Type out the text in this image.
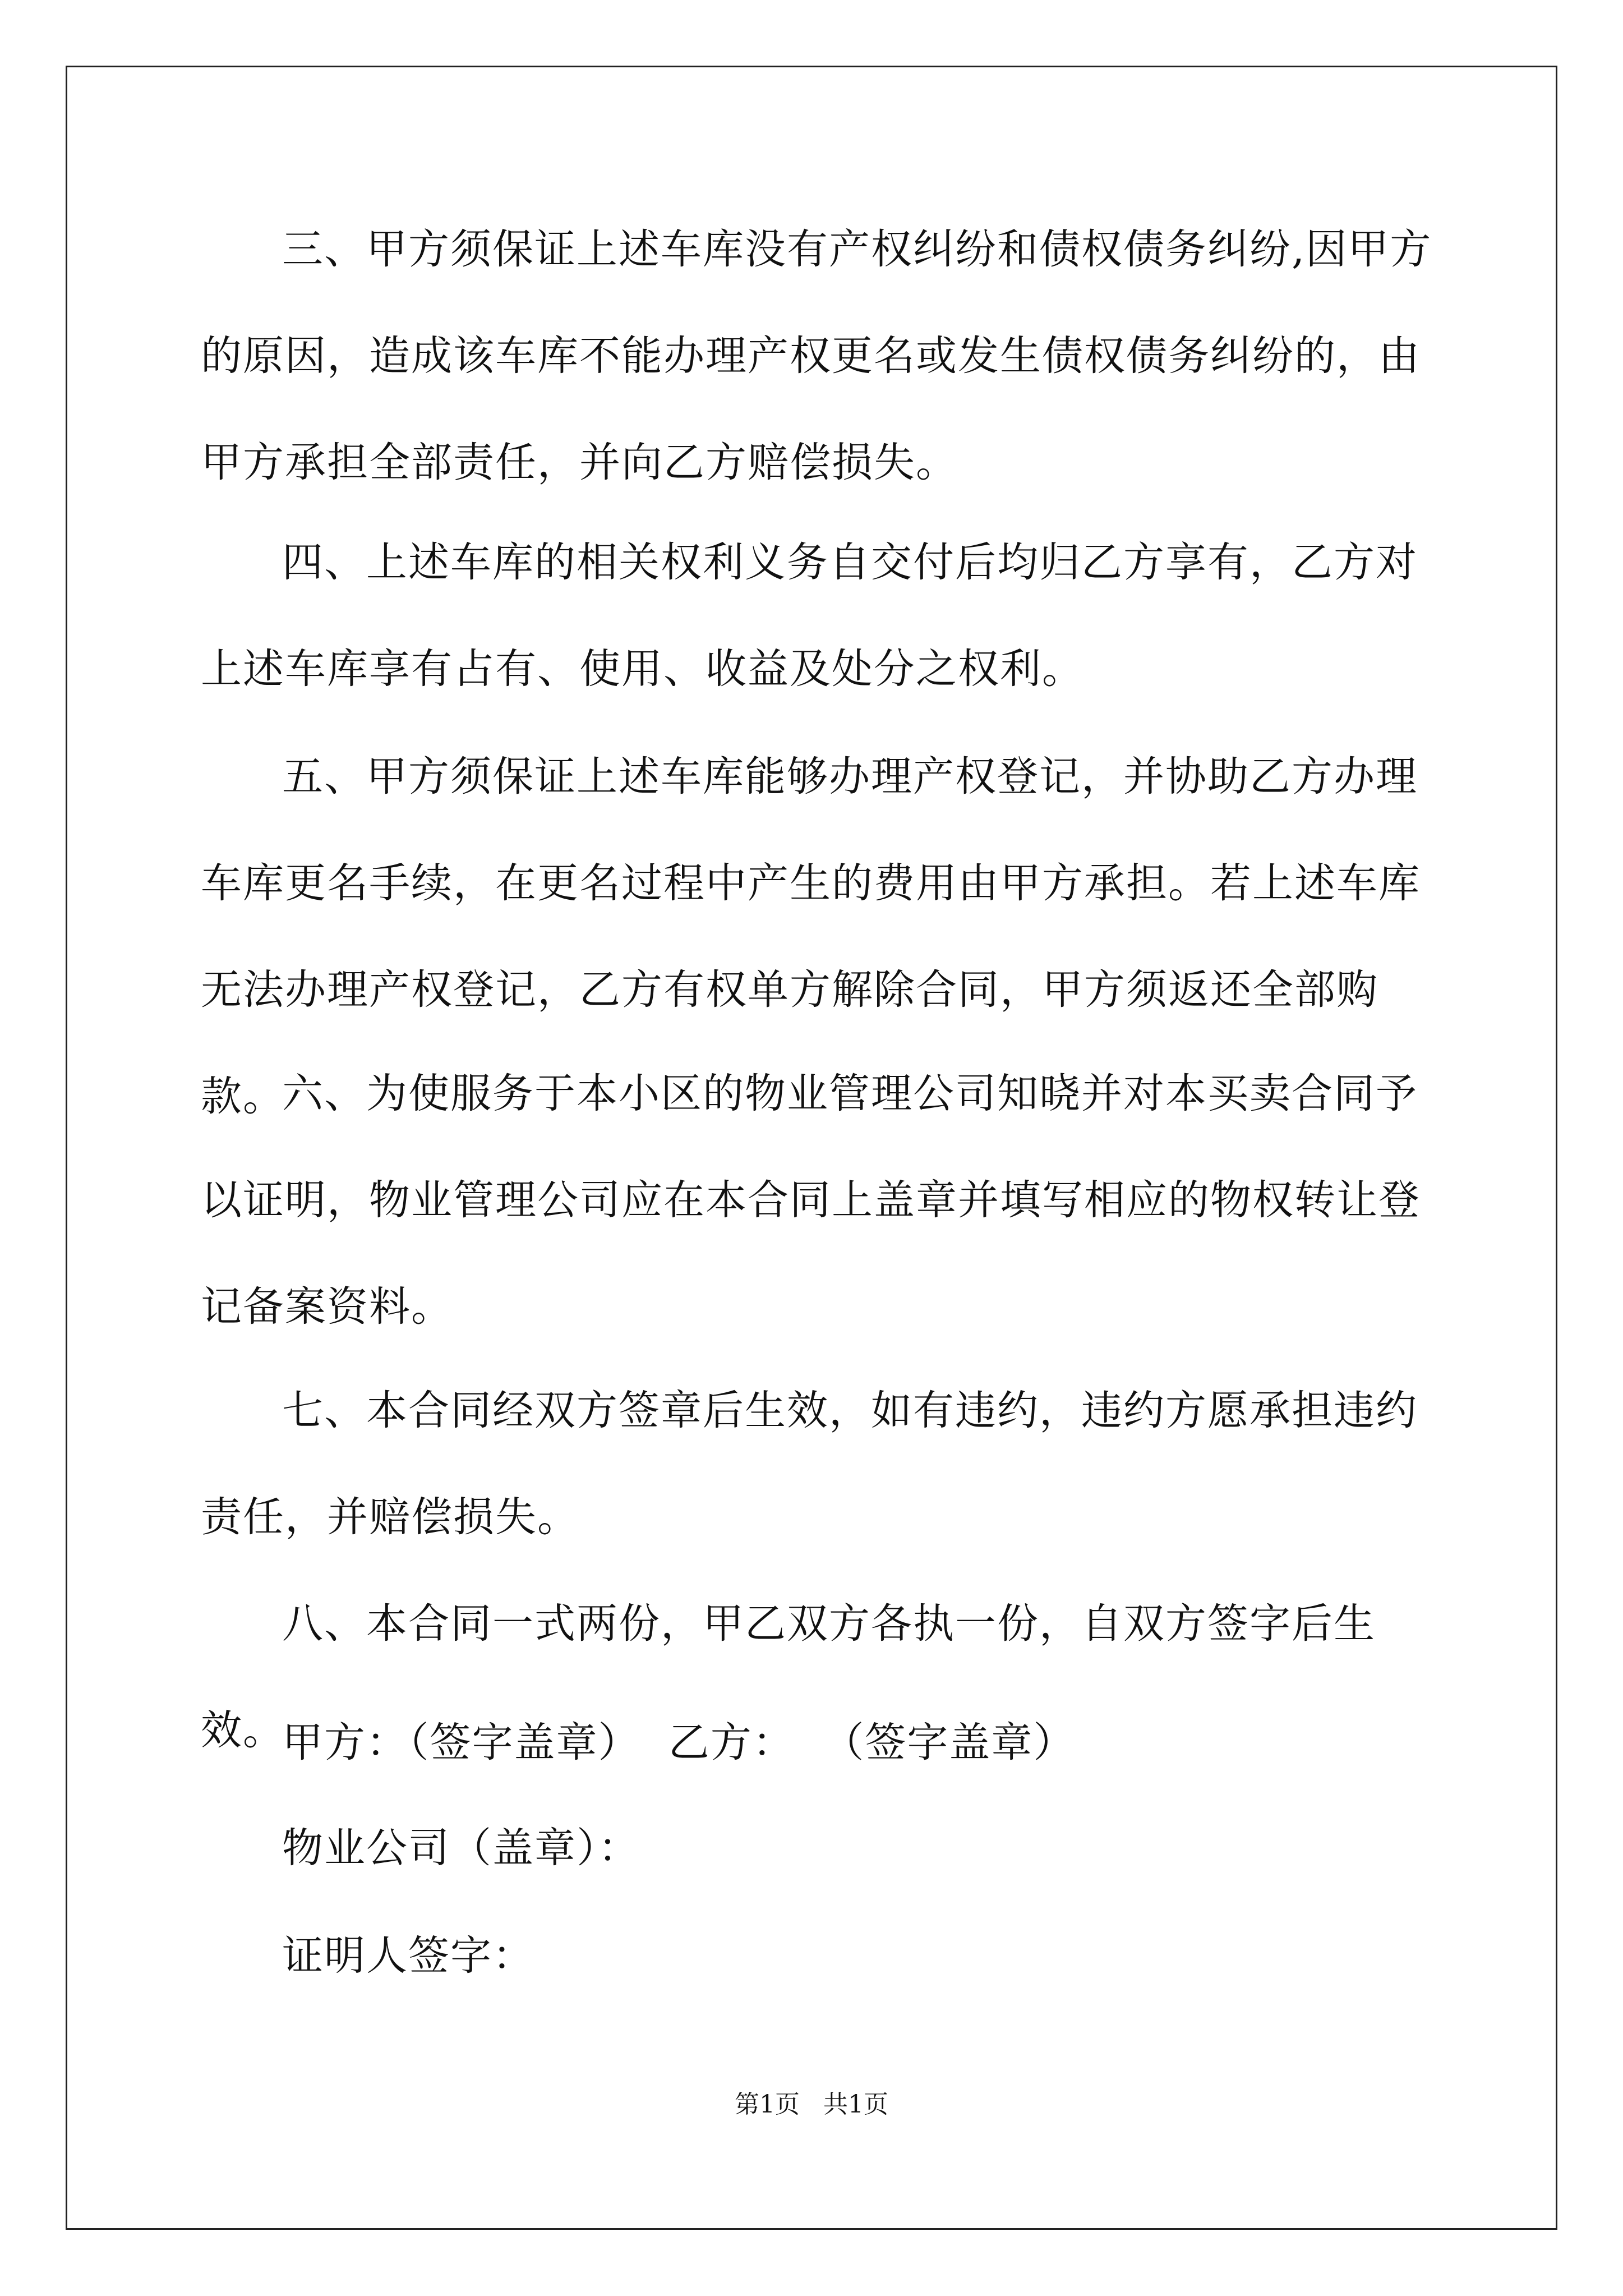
三、甲方须保证上述车库没有产权纠纷和债权债务纠纷,因甲方的原因，造成该车库不能办理产权更名或发生债权债务纠纷的，由甲方承担全部责任，并向乙方赔偿损失。

四、上述车库的相关权利义务自交付后均归乙方享有，乙方对上述车库享有占有、使用、收益及处分之权利。

五、甲方须保证上述车库能够办理产权登记，并协助乙方办理车库更名手续，在更名过程中产生的费用由甲方承担。若上述车库无法办理产权登记，乙方有权单方解除合同，甲方须返还全部购款。

六、为使服务于本小区的物业管理公司知晓并对本买卖合同予以证明，物业管理公司应在本合同上盖章并填写相应的物权转让登记备案资料。

七、本合同经双方签章后生效，如有违约，违约方愿承担违约责任，并赔偿损失。

八、本合同一式两份，甲乙双方各执一份，自双方签字后生效。

甲方：（签字盖章）  乙方：  （签字盖章）

物业公司（盖章）：

证明人签字：

第1页   共1页
